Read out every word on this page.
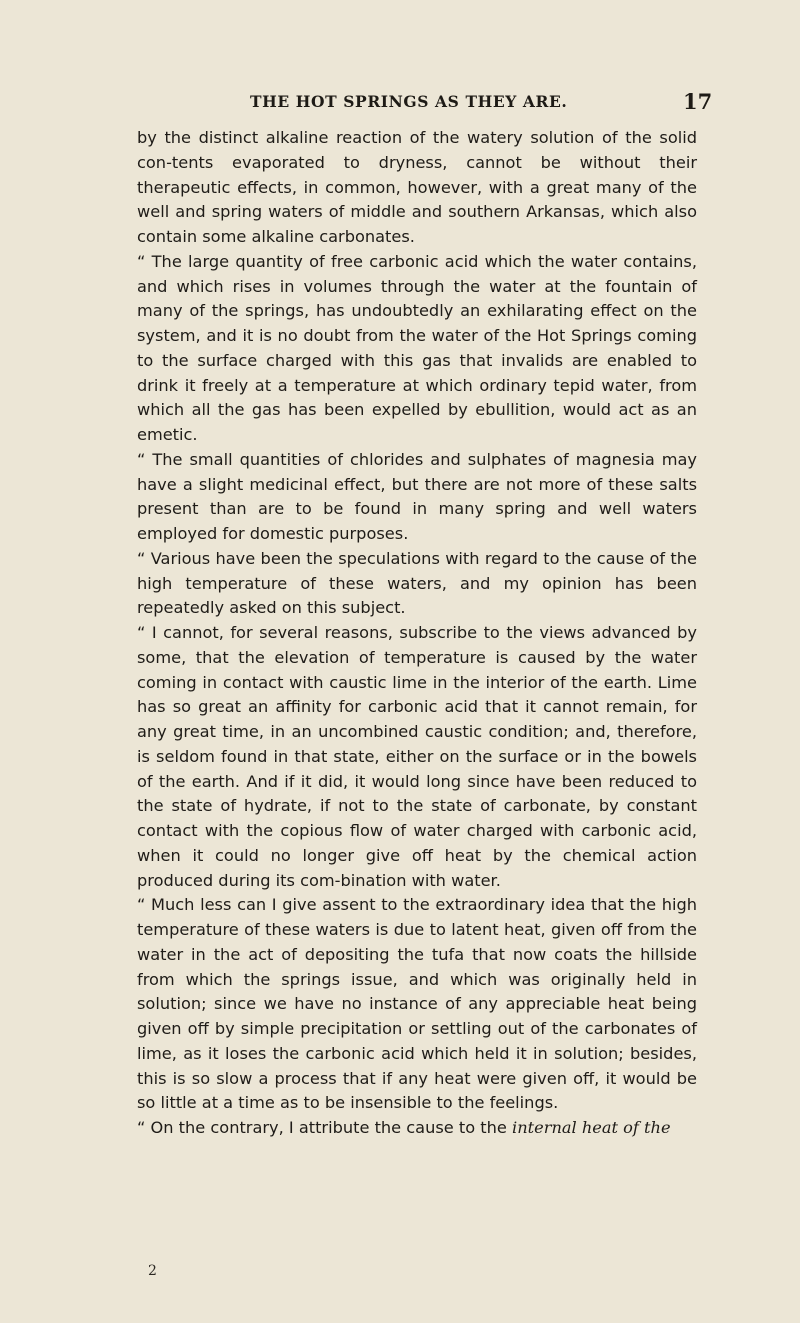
THE HOT SPRINGS AS THEY ARE.	17

by the distinct alkaline reaction of the watery solution of the solid con-tents evaporated to dryness, cannot be without their therapeutic effects, in common, however, with a great many of the well and spring waters of middle and southern Arkansas, which also contain some alkaline carbonates.

“ The large quantity of free carbonic acid which the water contains, and which rises in volumes through the water at the fountain of many of the springs, has undoubtedly an exhilarating effect on the system, and it is no doubt from the water of the Hot Springs coming to the surface charged with this gas that invalids are enabled to drink it freely at a temperature at which ordinary tepid water, from which all the gas has been expelled by ebullition, would act as an emetic.

“ The small quantities of chlorides and sulphates of magnesia may have a slight medicinal effect, but there are not more of these salts present than are to be found in many spring and well waters employed for domestic purposes.

“ Various have been the speculations with regard to the cause of the high temperature of these waters, and my opinion has been repeatedly asked on this subject.

“ I cannot, for several reasons, subscribe to the views advanced by some, that the elevation of temperature is caused by the water coming in contact with caustic lime in the interior of the earth. Lime has so great an affinity for carbonic acid that it cannot remain, for any great time, in an uncombined caustic condition; and, therefore, is seldom found in that state, either on the surface or in the bowels of the earth. And if it did, it would long since have been reduced to the state of hydrate, if not to the state of carbonate, by constant contact with the copious flow of water charged with carbonic acid, when it could no longer give off heat by the chemical action produced during its com-bination with water.

“ Much less can I give assent to the extraordinary idea that the high temperature of these waters is due to latent heat, given off from the water in the act of depositing the tufa that now coats the hillside from which the springs issue, and which was originally held in solution; since we have no instance of any appreciable heat being given off by simple precipitation or settling out of the carbonates of lime, as it loses the carbonic acid which held it in solution; besides, this is so slow a process that if any heat were given off, it would be so little at a time as to be insensible to the feelings.

“ On the contrary, I attribute the cause to the internal heat of the

2
